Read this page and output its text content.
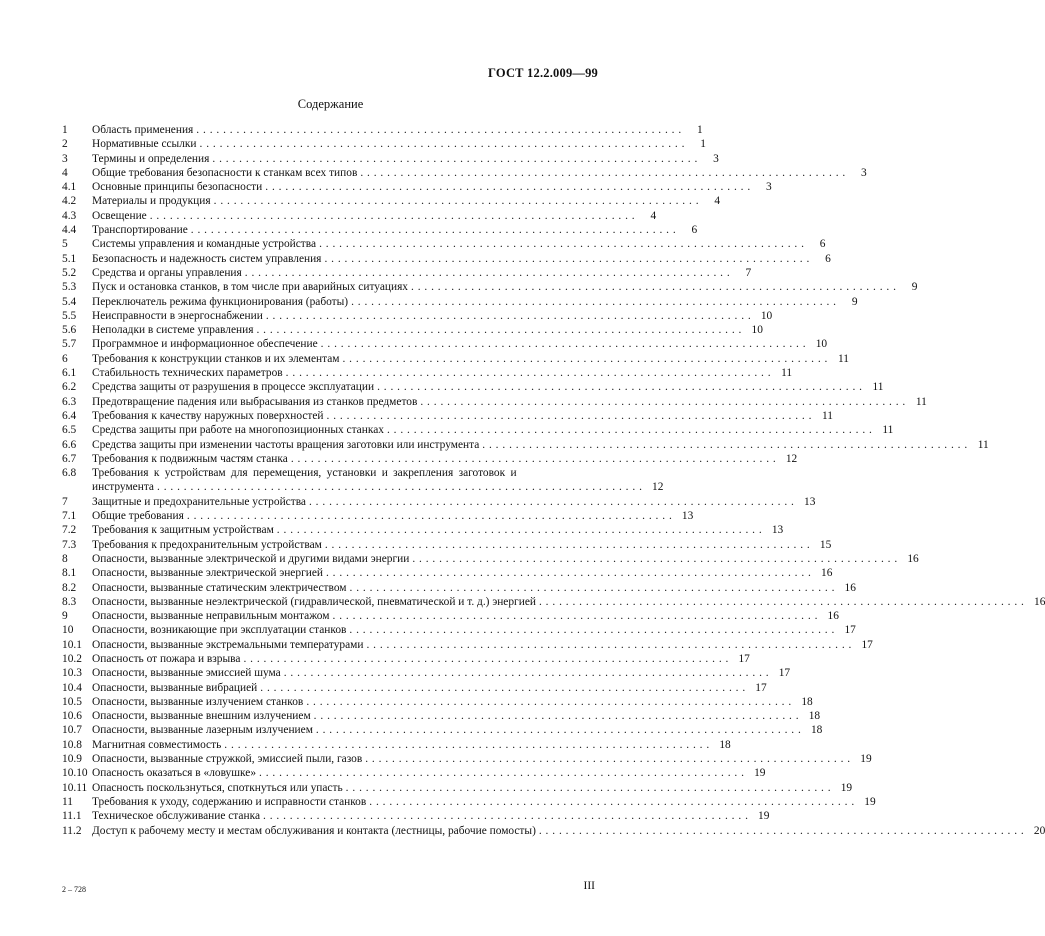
ГОСТ 12.2.009—99
Содержание
1	Область применения . . . . . . . . . . . . . . . . . . . . . . . . . . . . . . . . . . . . . . . . . . . . . . . . . . . . . . . . . . . . . . . . . . . . . . . . .	1
2	Нормативные ссылки . . . . . . . . . . . . . . . . . . . . . . . . . . . . . . . . . . . . . . . . . . . . . . . . . . . . . . . . . . . . . . . . . . . . . . . . .	1
3	Термины и определения . . . . . . . . . . . . . . . . . . . . . . . . . . . . . . . . . . . . . . . . . . . . . . . . . . . . . . . . . . . . . . . . . . . . . . . . .	3
4	Общие требования безопасности к станкам всех типов . . . . . . . . . . . . . . . . . . . . . . . . . . . . . . . . . . . . . . . . . . . . . . . . . . . . . . . . . . . . . . . . . . . . . . . . .	3
4.1	Основные принципы безопасности . . . . . . . . . . . . . . . . . . . . . . . . . . . . . . . . . . . . . . . . . . . . . . . . . . . . . . . . . . . . . . . . . . . . . . . . .	3
4.2	Материалы и продукция . . . . . . . . . . . . . . . . . . . . . . . . . . . . . . . . . . . . . . . . . . . . . . . . . . . . . . . . . . . . . . . . . . . . . . . . .	4
4.3	Освещение . . . . . . . . . . . . . . . . . . . . . . . . . . . . . . . . . . . . . . . . . . . . . . . . . . . . . . . . . . . . . . . . . . . . . . . . .	4
4.4	Транспортирование . . . . . . . . . . . . . . . . . . . . . . . . . . . . . . . . . . . . . . . . . . . . . . . . . . . . . . . . . . . . . . . . . . . . . . . . .	6
5	Системы управления и командные устройства . . . . . . . . . . . . . . . . . . . . . . . . . . . . . . . . . . . . . . . . . . . . . . . . . . . . . . . . . . . . . . . . . . . . . . . . .	6
5.1	Безопасность и надежность систем управления . . . . . . . . . . . . . . . . . . . . . . . . . . . . . . . . . . . . . . . . . . . . . . . . . . . . . . . . . . . . . . . . . . . . . . . . .	6
5.2	Средства и органы управления . . . . . . . . . . . . . . . . . . . . . . . . . . . . . . . . . . . . . . . . . . . . . . . . . . . . . . . . . . . . . . . . . . . . . . . . .	7
5.3	Пуск и остановка станков, в том числе при аварийных ситуациях . . . . . . . . . . . . . . . . . . . . . . . . . . . . . . . . . . . . . . . . . . . . . . . . . . . . . . . . . . . . . . . . . . . . . . . . .	9
5.4	Переключатель режима функционирования (работы) . . . . . . . . . . . . . . . . . . . . . . . . . . . . . . . . . . . . . . . . . . . . . . . . . . . . . . . . . . . . . . . . . . . . . . . . .	9
5.5	Неисправности в энергоснабжении . . . . . . . . . . . . . . . . . . . . . . . . . . . . . . . . . . . . . . . . . . . . . . . . . . . . . . . . . . . . . . . . . . . . . . . . . 10
5.6	Неполадки в системе управления . . . . . . . . . . . . . . . . . . . . . . . . . . . . . . . . . . . . . . . . . . . . . . . . . . . . . . . . . . . . . . . . . . . . . . . . . 10
5.7	Программное и информационное обеспечение . . . . . . . . . . . . . . . . . . . . . . . . . . . . . . . . . . . . . . . . . . . . . . . . . . . . . . . . . . . . . . . . . . . . . . . . . 10
6	Требования к конструкции станков и их элементам . . . . . . . . . . . . . . . . . . . . . . . . . . . . . . . . . . . . . . . . . . . . . . . . . . . . . . . . . . . . . . . . . . . . . . . . . 11
6.1	Стабильность технических параметров . . . . . . . . . . . . . . . . . . . . . . . . . . . . . . . . . . . . . . . . . . . . . . . . . . . . . . . . . . . . . . . . . . . . . . . . . 11
6.2	Средства защиты от разрушения в процессе эксплуатации . . . . . . . . . . . . . . . . . . . . . . . . . . . . . . . . . . . . . . . . . . . . . . . . . . . . . . . . . . . . . . . . . . . . . . . . . 11
6.3	Предотвращение падения или выбрасывания из станков предметов . . . . . . . . . . . . . . . . . . . . . . . . . . . . . . . . . . . . . . . . . . . . . . . . . . . . . . . . . . . . . . . . . . . . . . . . . 11
6.4	Требования к качеству наружных поверхностей . . . . . . . . . . . . . . . . . . . . . . . . . . . . . . . . . . . . . . . . . . . . . . . . . . . . . . . . . . . . . . . . . . . . . . . . . 11
6.5	Средства защиты при работе на многопозиционных станках . . . . . . . . . . . . . . . . . . . . . . . . . . . . . . . . . . . . . . . . . . . . . . . . . . . . . . . . . . . . . . . . . . . . . . . . . 11
6.6	Средства защиты при изменении частоты вращения заготовки или инструмента . . . . . . . . . . . . . . . . . . . . . . . . . . . . . . . . . . . . . . . . . . . . . . . . . . . . . . . . . . . . . . . . . . . . . . . . . 11
6.7	Требования к подвижным частям станка . . . . . . . . . . . . . . . . . . . . . . . . . . . . . . . . . . . . . . . . . . . . . . . . . . . . . . . . . . . . . . . . . . . . . . . . . 12
6.8	Требования к устройствам для перемещения, установки и закрепления заготовок и
инструмента . . . . . . . . . . . . . . . . . . . . . . . . . . . . . . . . . . . . . . . . . . . . . . . . . . . . . . . . . . . . . . . . . . . . . . . . . 12
7	Защитные и предохранительные устройства . . . . . . . . . . . . . . . . . . . . . . . . . . . . . . . . . . . . . . . . . . . . . . . . . . . . . . . . . . . . . . . . . . . . . . . . . 13
7.1	Общие требования . . . . . . . . . . . . . . . . . . . . . . . . . . . . . . . . . . . . . . . . . . . . . . . . . . . . . . . . . . . . . . . . . . . . . . . . . 13
7.2	Требования к защитным устройствам . . . . . . . . . . . . . . . . . . . . . . . . . . . . . . . . . . . . . . . . . . . . . . . . . . . . . . . . . . . . . . . . . . . . . . . . . 13
7.3	Требования к предохранительным устройствам . . . . . . . . . . . . . . . . . . . . . . . . . . . . . . . . . . . . . . . . . . . . . . . . . . . . . . . . . . . . . . . . . . . . . . . . . 15
8	Опасности, вызванные электрической и другими видами энергии . . . . . . . . . . . . . . . . . . . . . . . . . . . . . . . . . . . . . . . . . . . . . . . . . . . . . . . . . . . . . . . . . . . . . . . . . 16
8.1	Опасности, вызванные электрической энергией . . . . . . . . . . . . . . . . . . . . . . . . . . . . . . . . . . . . . . . . . . . . . . . . . . . . . . . . . . . . . . . . . . . . . . . . . 16
8.2	Опасности, вызванные статическим электричеством . . . . . . . . . . . . . . . . . . . . . . . . . . . . . . . . . . . . . . . . . . . . . . . . . . . . . . . . . . . . . . . . . . . . . . . . . 16
8.3	Опасности, вызванные неэлектрической (гидравлической, пневматической и т. д.) энергией . . . . . . . . . . . . . . . . . . . . . . . . . . . . . . . . . . . . . . . . . . . . . . . . . . . . . . . . . . . . . . . . . . . . . . . . . 16
9	Опасности, вызванные неправильным монтажом . . . . . . . . . . . . . . . . . . . . . . . . . . . . . . . . . . . . . . . . . . . . . . . . . . . . . . . . . . . . . . . . . . . . . . . . . 16
10	Опасности, возникающие при эксплуатации станков . . . . . . . . . . . . . . . . . . . . . . . . . . . . . . . . . . . . . . . . . . . . . . . . . . . . . . . . . . . . . . . . . . . . . . . . . 17
10.1 Опасности, вызванные экстремальными температурами . . . . . . . . . . . . . . . . . . . . . . . . . . . . . . . . . . . . . . . . . . . . . . . . . . . . . . . . . . . . . . . . . . . . . . . . . 17
10.2 Опасность от пожара и взрыва . . . . . . . . . . . . . . . . . . . . . . . . . . . . . . . . . . . . . . . . . . . . . . . . . . . . . . . . . . . . . . . . . . . . . . . . . 17
10.3 Опасности, вызванные эмиссией шума . . . . . . . . . . . . . . . . . . . . . . . . . . . . . . . . . . . . . . . . . . . . . . . . . . . . . . . . . . . . . . . . . . . . . . . . . 17
10.4 Опасности, вызванные вибрацией . . . . . . . . . . . . . . . . . . . . . . . . . . . . . . . . . . . . . . . . . . . . . . . . . . . . . . . . . . . . . . . . . . . . . . . . . 17
10.5 Опасности, вызванные излучением станков . . . . . . . . . . . . . . . . . . . . . . . . . . . . . . . . . . . . . . . . . . . . . . . . . . . . . . . . . . . . . . . . . . . . . . . . . 18
10.6 Опасности, вызванные внешним излучением . . . . . . . . . . . . . . . . . . . . . . . . . . . . . . . . . . . . . . . . . . . . . . . . . . . . . . . . . . . . . . . . . . . . . . . . . 18
10.7 Опасности, вызванные лазерным излучением . . . . . . . . . . . . . . . . . . . . . . . . . . . . . . . . . . . . . . . . . . . . . . . . . . . . . . . . . . . . . . . . . . . . . . . . . 18
10.8 Магнитная совместимость . . . . . . . . . . . . . . . . . . . . . . . . . . . . . . . . . . . . . . . . . . . . . . . . . . . . . . . . . . . . . . . . . . . . . . . . . 18
10.9 Опасности, вызванные стружкой, эмиссией пыли, газов . . . . . . . . . . . . . . . . . . . . . . . . . . . . . . . . . . . . . . . . . . . . . . . . . . . . . . . . . . . . . . . . . . . . . . . . . 19
10.10 Опасность оказаться в «ловушке» . . . . . . . . . . . . . . . . . . . . . . . . . . . . . . . . . . . . . . . . . . . . . . . . . . . . . . . . . . . . . . . . . . . . . . . . . 19
10.11 Опасность поскользнуться, споткнуться или упасть . . . . . . . . . . . . . . . . . . . . . . . . . . . . . . . . . . . . . . . . . . . . . . . . . . . . . . . . . . . . . . . . . . . . . . . . . 19
11	Требования к уходу, содержанию и исправности станков . . . . . . . . . . . . . . . . . . . . . . . . . . . . . . . . . . . . . . . . . . . . . . . . . . . . . . . . . . . . . . . . . . . . . . . . . 19
11.1 Техническое обслуживание станка . . . . . . . . . . . . . . . . . . . . . . . . . . . . . . . . . . . . . . . . . . . . . . . . . . . . . . . . . . . . . . . . . . . . . . . . . 19
11.2 Доступ к рабочему месту и местам обслуживания и контакта (лестницы, рабочие помосты) . . . . . . . . . . . . . . . . . . . . . . . . . . . . . . . . . . . . . . . . . . . . . . . . . . . . . . . . . . . . . . . . . . . . . . . . . 20
2 – 728	III
